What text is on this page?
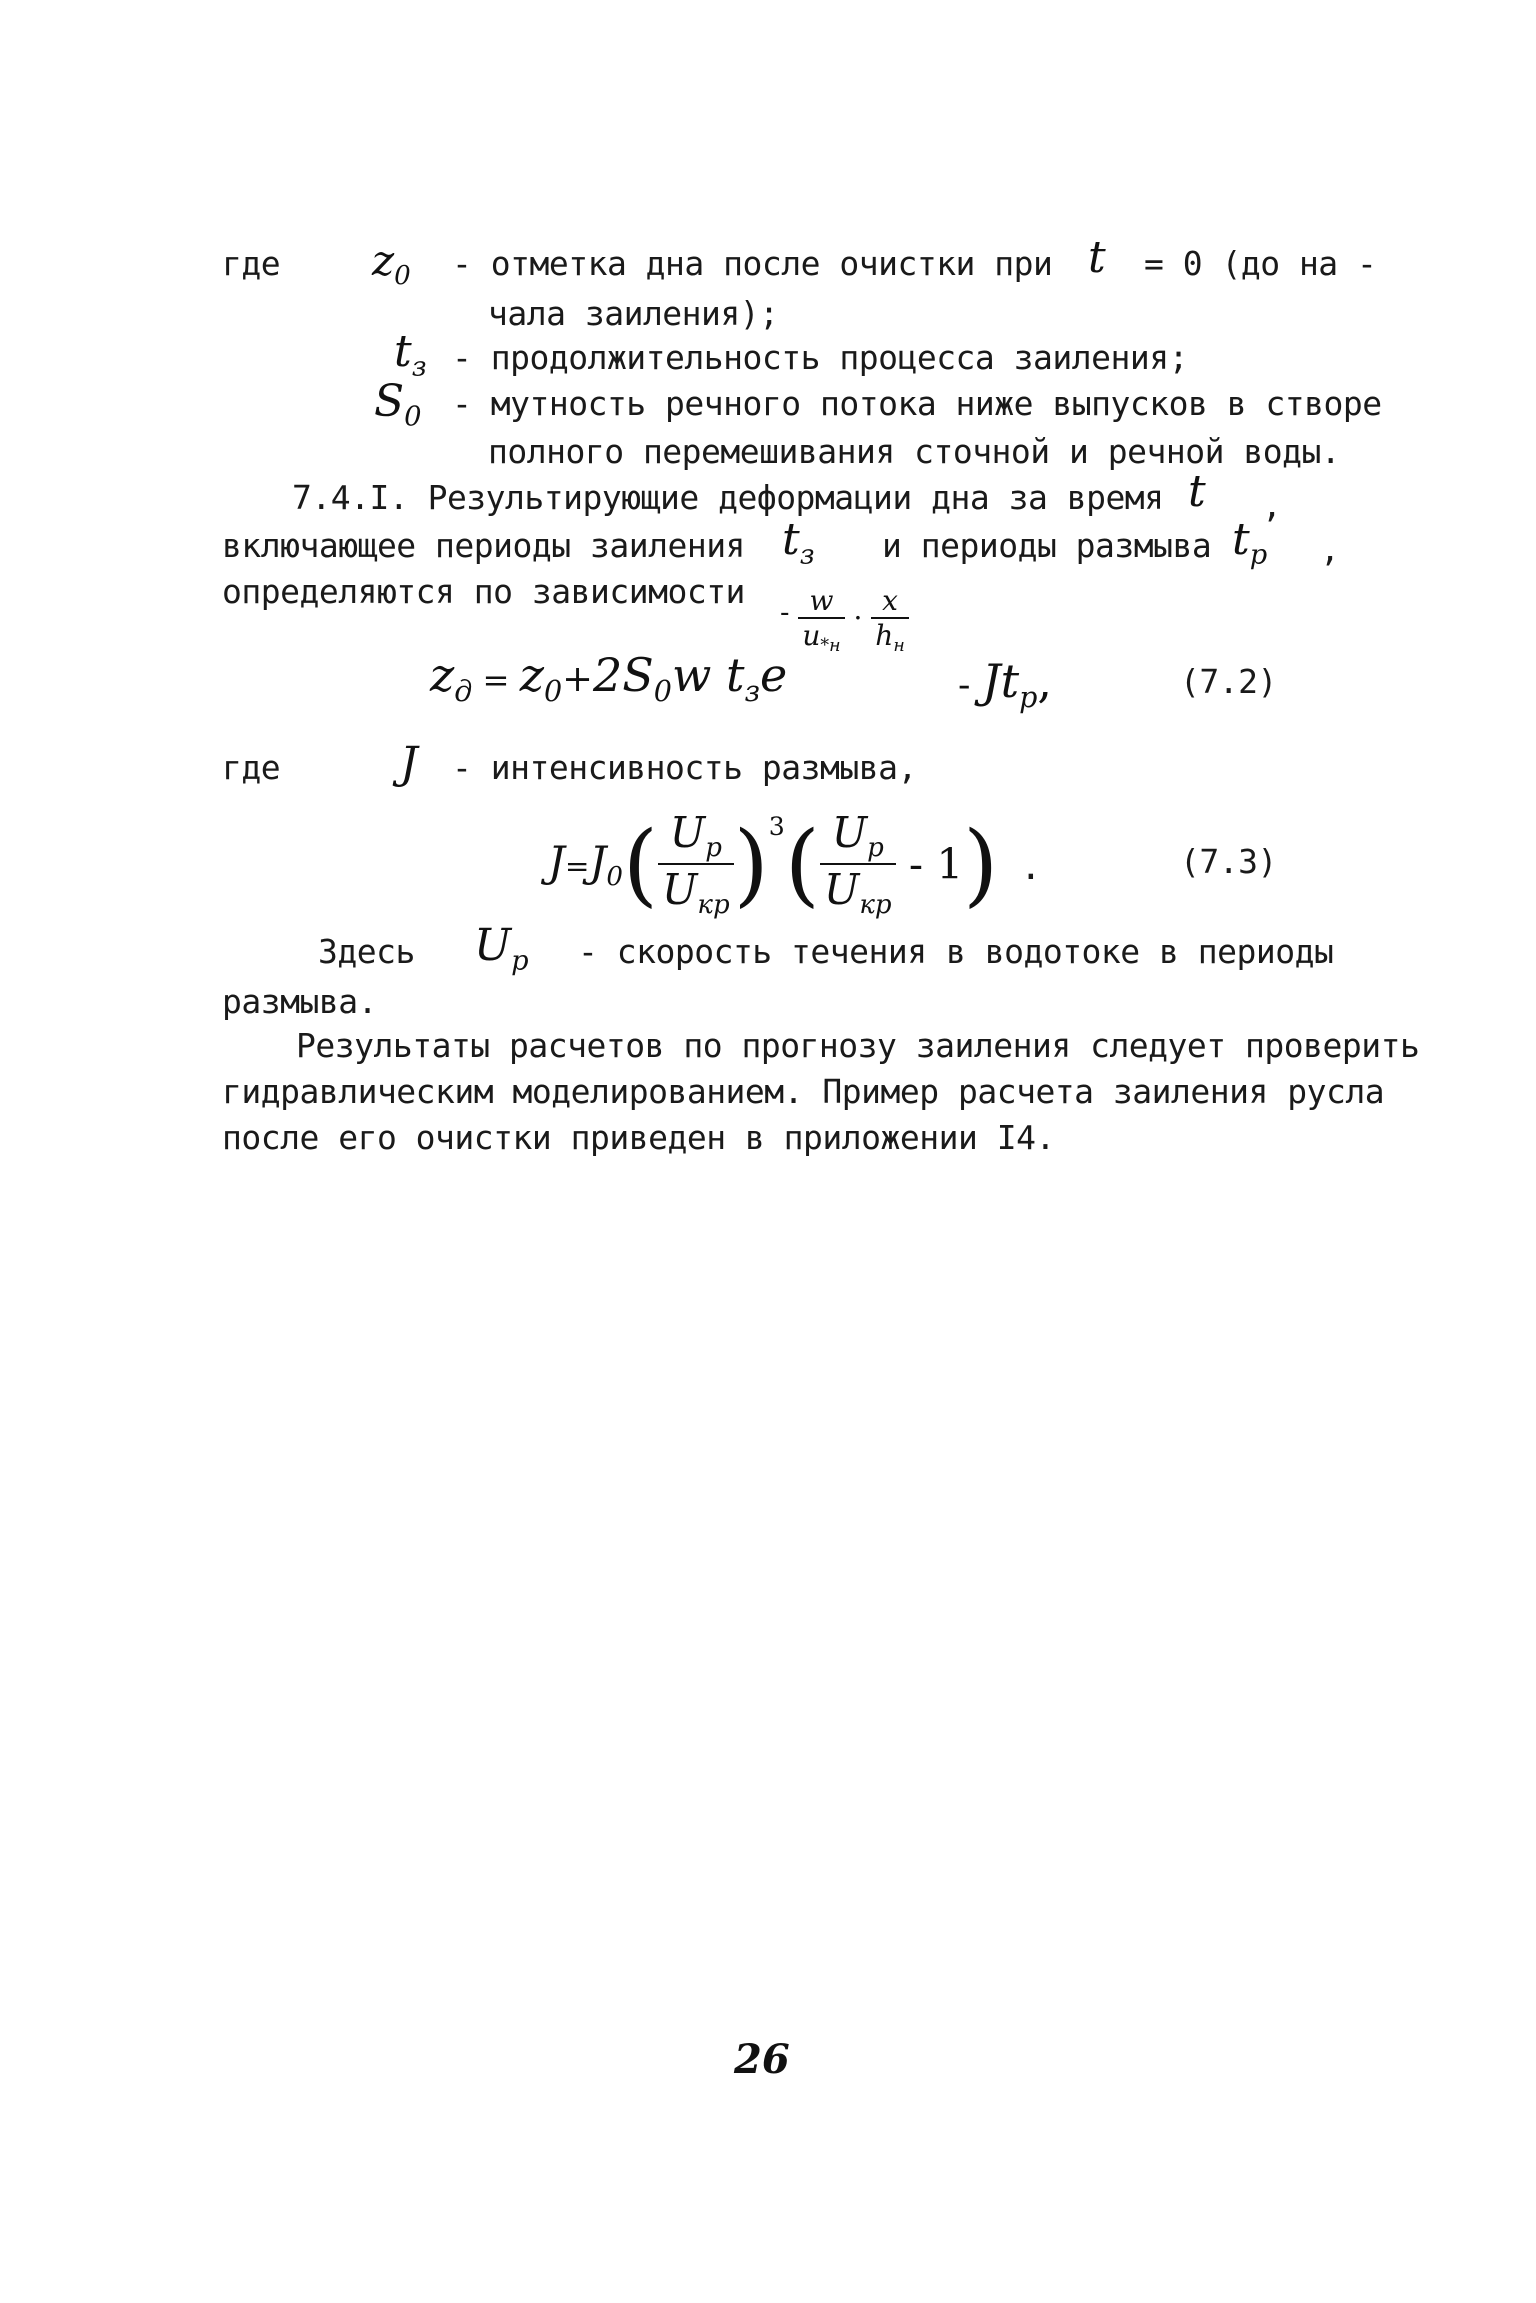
где $z_0$ - отметка дна после очистки при t = 0 (до на -
чала заиления);
$t_з$ - продолжительность процесса заиления;
$S_0$ - мутность речного потока ниже выпусков в створе
полного перемешивания сточной и речной воды.
7.4.I. Результирующие деформации дна за время t ,
включающее периоды заиления $t_з$ и периоды размыва $t_p$ ,
определяются по зависимости
- $\frac{w}{u_{*н}} \cdot \frac{x}{h_н}$
$z_д = z_0+2S_0w$ $t_зe$	- $Jt_p$,	(7.2)
где	J - интенсивность размыва,
$J=J_0( \frac{U_p}{U_{кр}} )^3( \frac{U_p}{U_{кр}} - 1)$ .	(7.3)
Здесь $U_p$ - скорость течения в водотоке в периоды
размыва.
Результаты расчетов по прогнозу заиления следует проверить
гидравлическим моделированием. Пример расчета заиления русла
после его очистки приведен в приложении I4.
26
